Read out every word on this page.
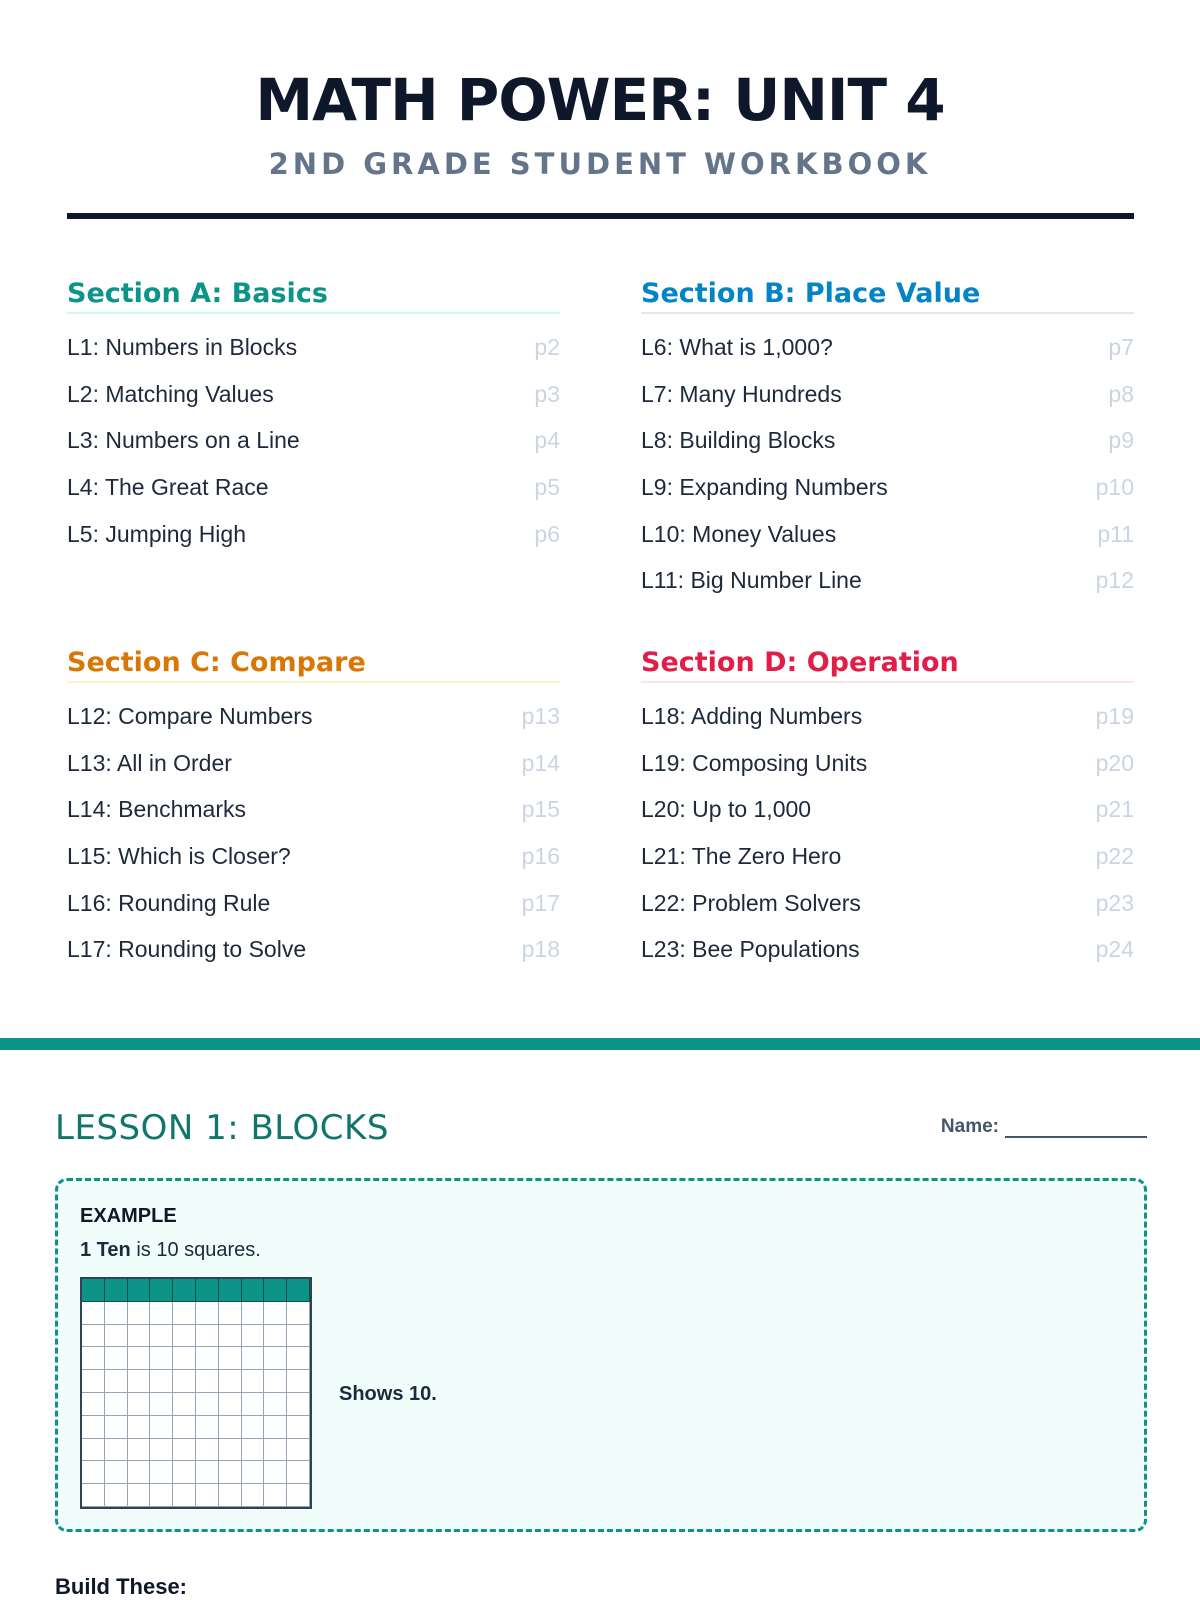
MATH POWER: UNIT 4
2ND GRADE STUDENT WORKBOOK
Section A: Basics
L1: Numbers in Blocks	p2
L2: Matching Values	p3
L3: Numbers on a Line	p4
L4: The Great Race	p5
L5: Jumping High	p6
Section B: Place Value
L6: What is 1,000?	p7
L7: Many Hundreds	p8
L8: Building Blocks	p9
L9: Expanding Numbers	p10
L10: Money Values	p11
L11: Big Number Line	p12
Section C: Compare
L12: Compare Numbers	p13
L13: All in Order	p14
L14: Benchmarks	p15
L15: Which is Closer?	p16
L16: Rounding Rule	p17
L17: Rounding to Solve	p18
Section D: Operation
L18: Adding Numbers	p19
L19: Composing Units	p20
L20: Up to 1,000	p21
L21: The Zero Hero	p22
L22: Problem Solvers	p23
L23: Bee Populations	p24
LESSON 1: BLOCKS	Name:
EXAMPLE
1 Ten is 10 squares.
Shows 10.
Build These:
